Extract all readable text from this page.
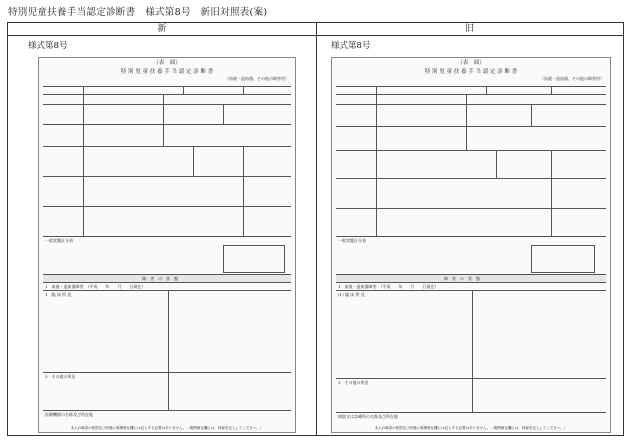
特別児童扶養手当認定診断書　様式第8号　新旧対照表(案)
新	旧
様式第8号
（表　面）
特 別 児 童 扶 養 手 当 認 定 診 断 書
（血液・造血器、その他の障害用）
一般状態区分表
障　害　の　状　態
1　血液・造血器障害　（平成　　年　　月　　日現在）
1　臨 床 所 見
3　その他の所見
医療機関の名称及び所在地
本人の障害の程度及び状態に無関係な欄には記入する必要はありません。（無関係な欄には、斜線を記入してください。）
様式第8号
（表　面）
特 別 児 童 扶 養 手 当 認 定 診 断 書
（血液・造血器、その他の障害用）
一般状態区分表
障　害　の　状　態
1　血液・造血器障害　（平成　　年　　月　　日現在）
(1) 臨 床 所 見
3　その他の所見
病院又は診療所の名称及び所在地
本人の障害の程度及び状態に無関係な欄には記入する必要はありません。（無関係な欄には、斜線を記入してください。）
